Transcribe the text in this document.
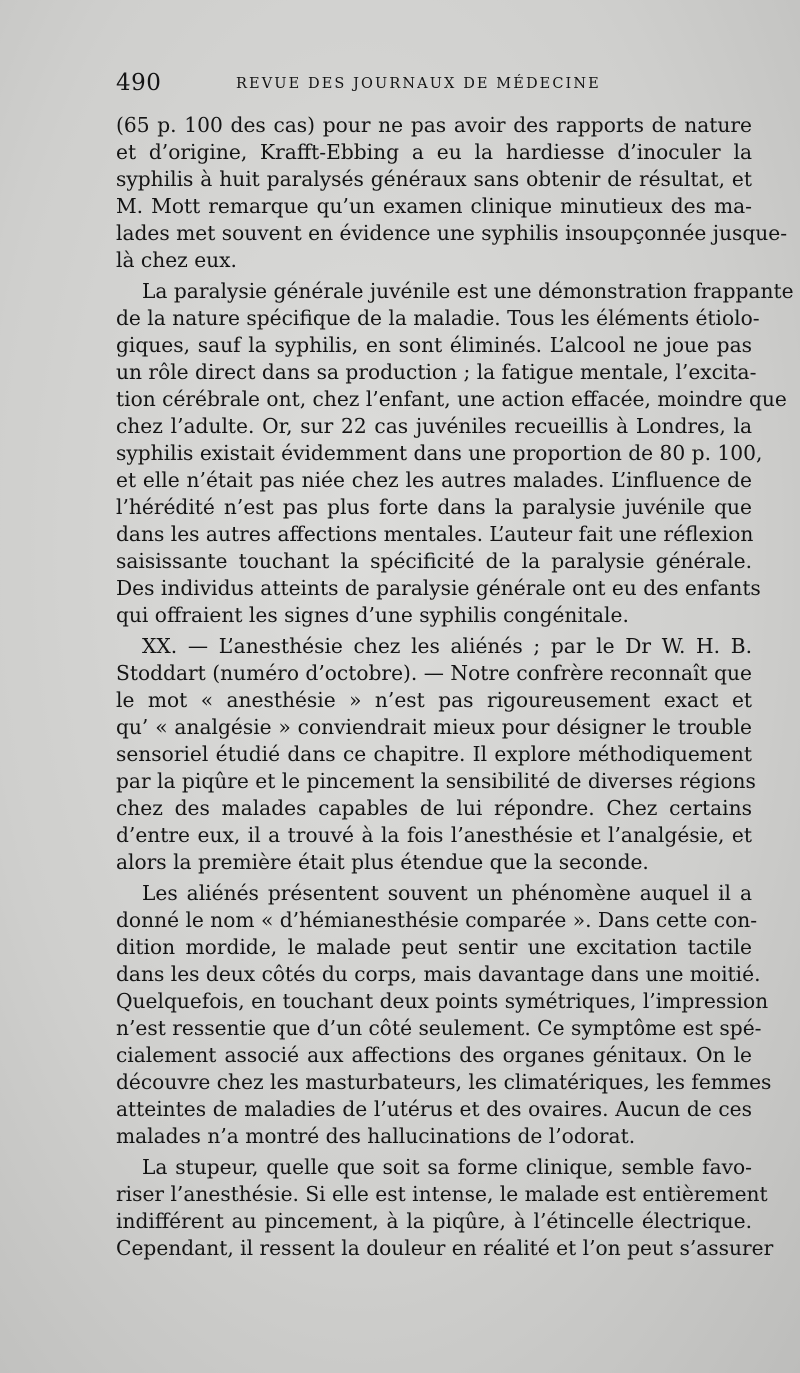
490	REVUE DES JOURNAUX DE MÉDECINE
(65 p. 100 des cas) pour ne pas avoir des rapports de nature
et d’origine, Krafft-Ebbing a eu la hardiesse d’inoculer la
syphilis à huit paralysés généraux sans obtenir de résultat, et
M. Mott remarque qu’un examen clinique minutieux des ma-
lades met souvent en évidence une syphilis insoupçonnée jusque-
là chez eux.
La paralysie générale juvénile est une démonstration frappante
de la nature spécifique de la maladie. Tous les éléments étiolo-
giques, sauf la syphilis, en sont éliminés. L’alcool ne joue pas
un rôle direct dans sa production ; la fatigue mentale, l’excita-
tion cérébrale ont, chez l’enfant, une action effacée, moindre que
chez l’adulte. Or, sur 22 cas juvéniles recueillis à Londres, la
syphilis existait évidemment dans une proportion de 80 p. 100,
et elle n’était pas niée chez les autres malades. L’influence de
l’hérédité n’est pas plus forte dans la paralysie juvénile que
dans les autres affections mentales. L’auteur fait une réflexion
saisissante touchant la spécificité de la paralysie générale.
Des individus atteints de paralysie générale ont eu des enfants
qui offraient les signes d’une syphilis congénitale.
XX. — L’anesthésie chez les aliénés ; par le Dr W. H. B.
Stoddart (numéro d’octobre). — Notre confrère reconnaît que
le mot « anesthésie » n’est pas rigoureusement exact et
qu’ « analgésie » conviendrait mieux pour désigner le trouble
sensoriel étudié dans ce chapitre. Il explore méthodiquement
par la piqûre et le pincement la sensibilité de diverses régions
chez des malades capables de lui répondre. Chez certains
d’entre eux, il a trouvé à la fois l’anesthésie et l’analgésie, et
alors la première était plus étendue que la seconde.
Les aliénés présentent souvent un phénomène auquel il a
donné le nom « d’hémianesthésie comparée ». Dans cette con-
dition mordide, le malade peut sentir une excitation tactile
dans les deux côtés du corps, mais davantage dans une moitié.
Quelquefois, en touchant deux points symétriques, l’impression
n’est ressentie que d’un côté seulement. Ce symptôme est spé-
cialement associé aux affections des organes génitaux. On le
découvre chez les masturbateurs, les climatériques, les femmes
atteintes de maladies de l’utérus et des ovaires. Aucun de ces
malades n’a montré des hallucinations de l’odorat.
La stupeur, quelle que soit sa forme clinique, semble favo-
riser l’anesthésie. Si elle est intense, le malade est entièrement
indifférent au pincement, à la piqûre, à l’étincelle électrique.
Cependant, il ressent la douleur en réalité et l’on peut s’assurer
